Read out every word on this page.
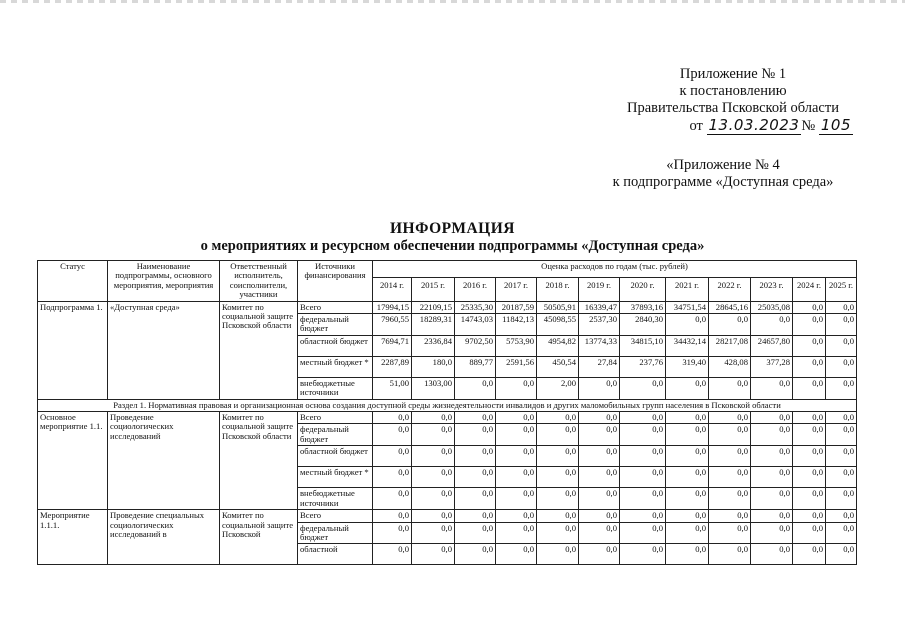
Приложение № 1
к постановлению
Правительства Псковской области
от 13.03.2023 № 105
«Приложение № 4
к подпрограмме «Доступная среда»
ИНФОРМАЦИЯ
о мероприятиях и ресурсном обеспечении подпрограммы «Доступная среда»
Статус	Наименование подпрограммы, основного мероприятия, мероприятия	Ответственный исполнитель, соисполнители, участники	Источники финансирования	Оценка расходов по годам (тыс. рублей)											
				2014 г.	2015 г.	2016 г.	2017 г.	2018 г.	2019 г.	2020 г.	2021 г.	2022 г.	2023 г.	2024 г.	2025 г.
Подпрограмма 1.	«Доступная среда»	Комитет по социальной защите Псковской области	Всего	17994,15	22109,15	25335,30	20187,59	50505,91	16339,47	37893,16	34751,54	28645,16	25035,08	0,0	0,0
			федеральный бюджет	7960,55	18289,31	14743,03	11842,13	45098,55	2537,30	2840,30	0,0	0,0	0,0	0,0	0,0
			областной бюджет	7694,71	2336,84	9702,50	5753,90	4954,82	13774,33	34815,10	34432,14	28217,08	24657,80	0,0	0,0
			местный бюджет *	2287,89	180,0	889,77	2591,56	450,54	27,84	237,76	319,40	428,08	377,28	0,0	0,0
			внебюджетные источники	51,00	1303,00	0,0	0,0	2,00	0,0	0,0	0,0	0,0	0,0	0,0	0,0
Раздел 1. Нормативная правовая и организационная основа создания доступной среды жизнедеятельности инвалидов и других маломобильных групп населения в Псковской области															
Основное мероприятие 1.1.	Проведение социологических исследований	Комитет по социальной защите Псковской области	Всего	0,0	0,0	0,0	0,0	0,0	0,0	0,0	0,0	0,0	0,0	0,0	0,0
			федеральный бюджет	0,0	0,0	0,0	0,0	0,0	0,0	0,0	0,0	0,0	0,0	0,0	0,0
			областной бюджет	0,0	0,0	0,0	0,0	0,0	0,0	0,0	0,0	0,0	0,0	0,0	0,0
			местный бюджет *	0,0	0,0	0,0	0,0	0,0	0,0	0,0	0,0	0,0	0,0	0,0	0,0
			внебюджетные источники	0,0	0,0	0,0	0,0	0,0	0,0	0,0	0,0	0,0	0,0	0,0	0,0
Мероприятие 1.1.1.	Проведение специальных социологических исследований в	Комитет по социальной защите Псковской	Всего	0,0	0,0	0,0	0,0	0,0	0,0	0,0	0,0	0,0	0,0	0,0	0,0
			федеральный бюджет	0,0	0,0	0,0	0,0	0,0	0,0	0,0	0,0	0,0	0,0	0,0	0,0
			областной	0,0	0,0	0,0	0,0	0,0	0,0	0,0	0,0	0,0	0,0	0,0	0,0
